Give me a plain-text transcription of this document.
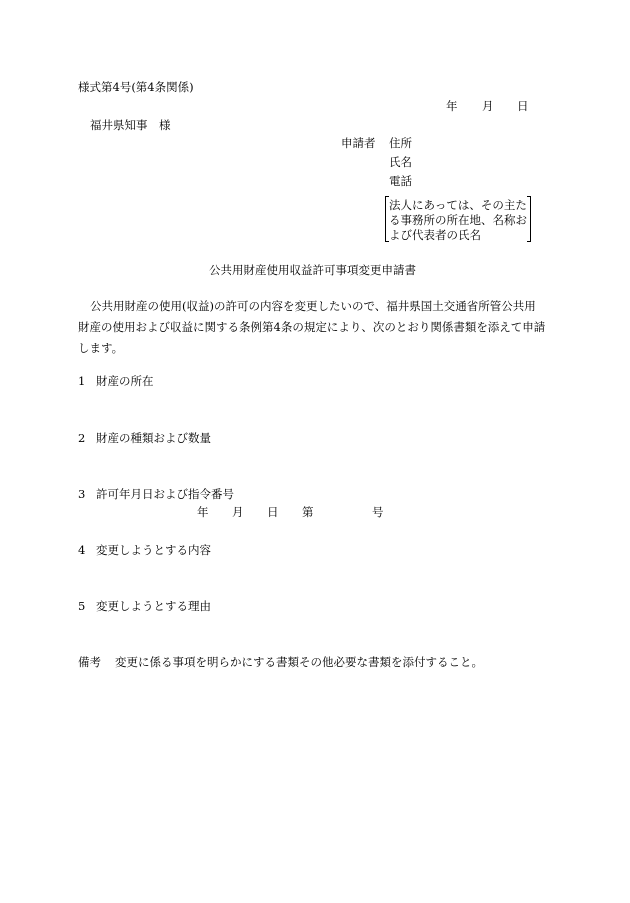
様式第4号(第4条関係)
年 月 日
福井県知事　様
申請者 住所
氏名
電話
法人にあっては、その主た
る事務所の所在地、名称お
よび代表者の氏名
公共用財産使用収益許可事項変更申請書

公共用財産の使用(収益)の許可の内容を変更したいので、福井県国土交通省所管公共用

財産の使用および収益に関する条例第4条の規定により、次のとおり関係書類を添えて申請

します。

1 財産の所在
2 財産の種類および数量
3 許可年月日および指令番号
年 月 日 第	号
4 変更しようとする内容
5 変更しようとする理由
備考 変更に係る事項を明らかにする書類その他必要な書類を添付すること。
